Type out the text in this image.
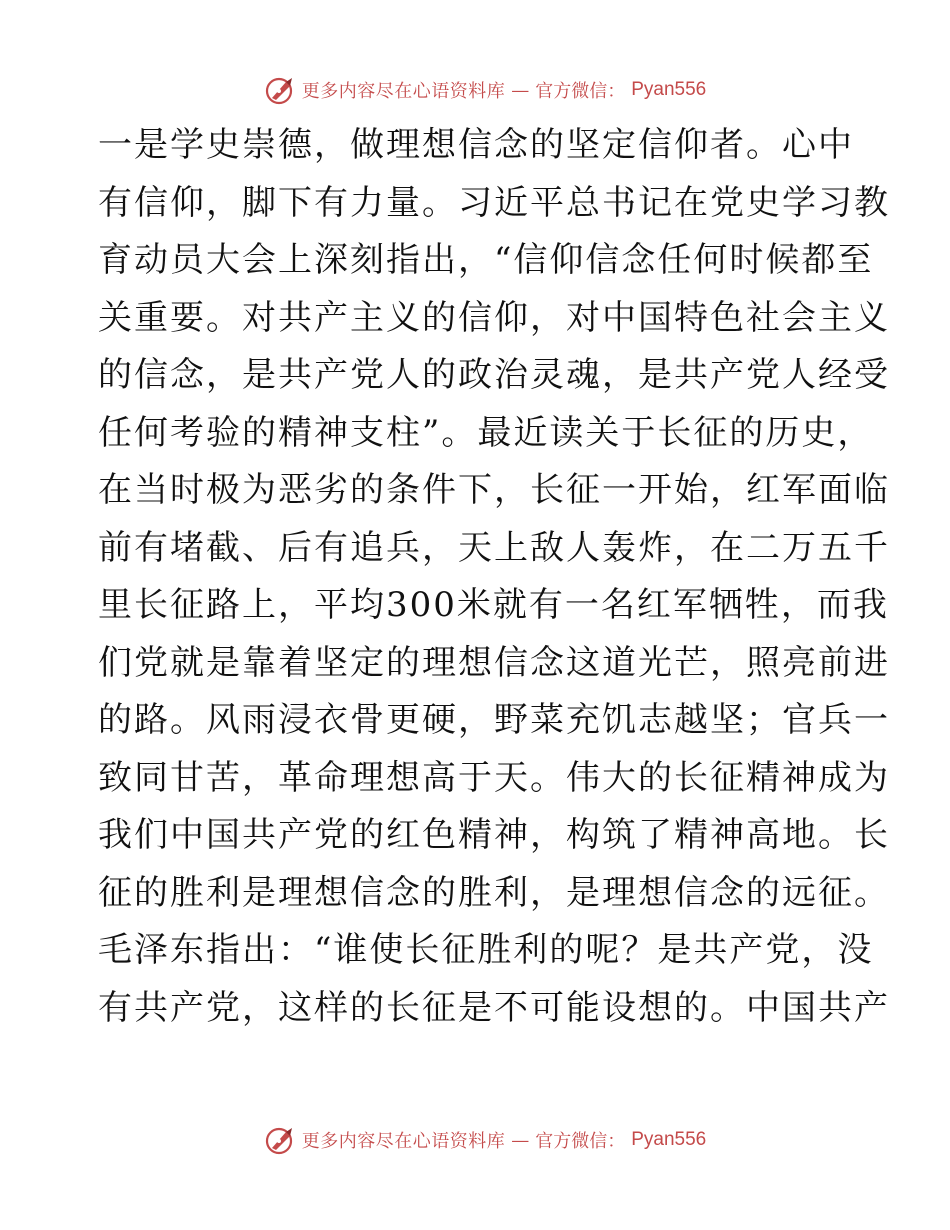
更多内容尽在心语资料库 — 官方微信： Pyan556
一是学史崇德，做理想信念的坚定信仰者。心中
有信仰，脚下有力量。习近平总书记在党史学习教
育动员大会上深刻指出，“信仰信念任何时候都至
关重要。对共产主义的信仰，对中国特色社会主义
的信念，是共产党人的政治灵魂，是共产党人经受
任何考验的精神支柱”。最近读关于长征的历史，
在当时极为恶劣的条件下，长征一开始，红军面临
前有堵截、后有追兵，天上敌人轰炸，在二万五千
里长征路上，平均300米就有一名红军牺牲，而我
们党就是靠着坚定的理想信念这道光芒，照亮前进
的路。风雨浸衣骨更硬，野菜充饥志越坚；官兵一
致同甘苦，革命理想高于天。伟大的长征精神成为
我们中国共产党的红色精神，构筑了精神高地。长
征的胜利是理想信念的胜利，是理想信念的远征。
毛泽东指出：“谁使长征胜利的呢？是共产党，没
有共产党，这样的长征是不可能设想的。中国共产
更多内容尽在心语资料库 — 官方微信： Pyan556
